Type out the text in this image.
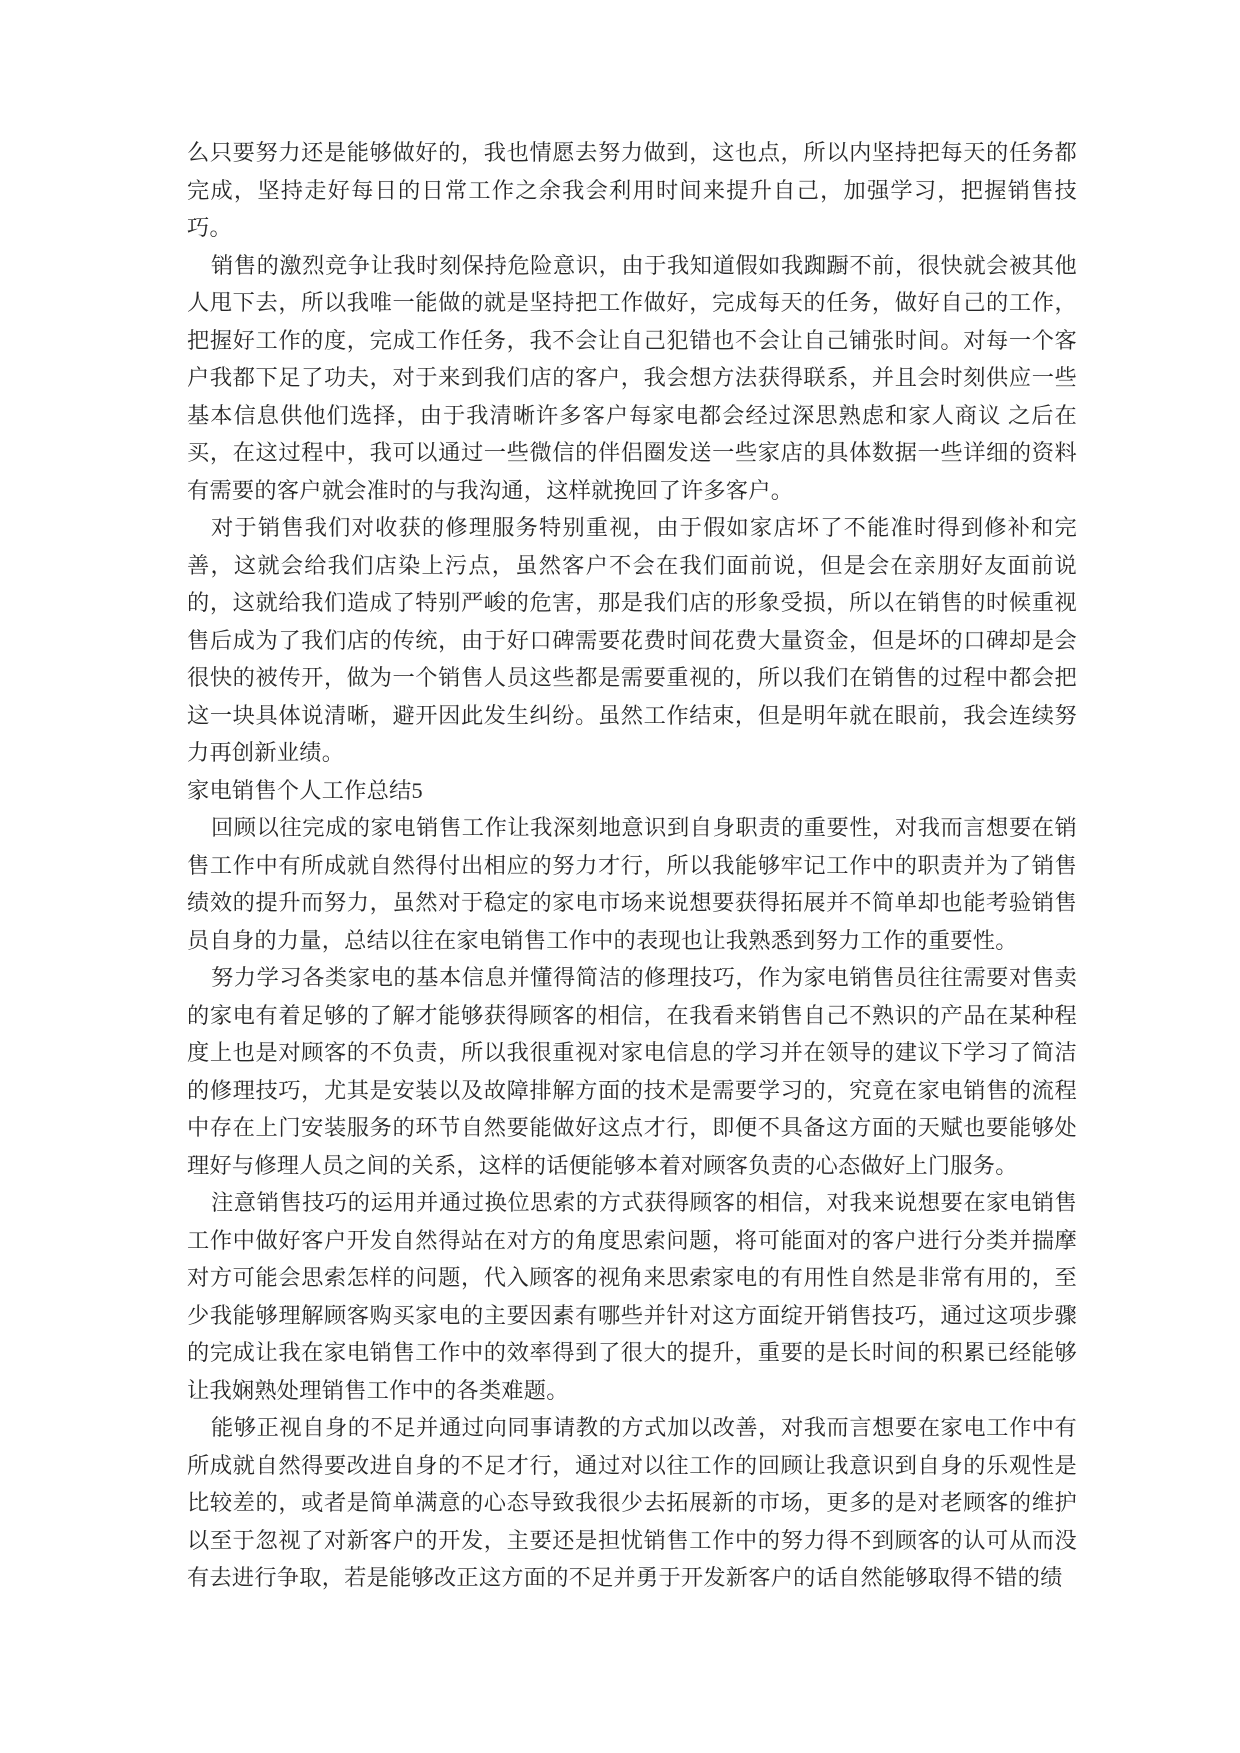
么只要努力还是能够做好的，我也情愿去努力做到，这也点，所以内坚持把每天的任务都完成，坚持走好每日的日常工作之余我会利用时间来提升自己，加强学习，把握销售技巧。

销售的激烈竞争让我时刻保持危险意识，由于我知道假如我踟蹰不前，很快就会被其他人甩下去，所以我唯一能做的就是坚持把工作做好，完成每天的任务，做好自己的工作，把握好工作的度，完成工作任务，我不会让自己犯错也不会让自己铺张时间。对每一个客户我都下足了功夫，对于来到我们店的客户，我会想方法获得联系，并且会时刻供应一些基本信息供他们选择，由于我清晰许多客户每家电都会经过深思熟虑和家人商议 之后在买，在这过程中，我可以通过一些微信的伴侣圈发送一些家店的具体数据一些详细的资料有需要的客户就会准时的与我沟通，这样就挽回了许多客户。

对于销售我们对收获的修理服务特别重视，由于假如家店坏了不能准时得到修补和完善，这就会给我们店染上污点，虽然客户不会在我们面前说，但是会在亲朋好友面前说的，这就给我们造成了特别严峻的危害，那是我们店的形象受损，所以在销售的时候重视售后成为了我们店的传统，由于好口碑需要花费时间花费大量资金，但是坏的口碑却是会很快的被传开，做为一个销售人员这些都是需要重视的，所以我们在销售的过程中都会把这一块具体说清晰，避开因此发生纠纷。虽然工作结束，但是明年就在眼前，我会连续努力再创新业绩。

家电销售个人工作总结5

回顾以往完成的家电销售工作让我深刻地意识到自身职责的重要性，对我而言想要在销售工作中有所成就自然得付出相应的努力才行，所以我能够牢记工作中的职责并为了销售绩效的提升而努力，虽然对于稳定的家电市场来说想要获得拓展并不简单却也能考验销售员自身的力量，总结以往在家电销售工作中的表现也让我熟悉到努力工作的重要性。

努力学习各类家电的基本信息并懂得简洁的修理技巧，作为家电销售员往往需要对售卖的家电有着足够的了解才能够获得顾客的相信，在我看来销售自己不熟识的产品在某种程度上也是对顾客的不负责，所以我很重视对家电信息的学习并在领导的建议下学习了简洁的修理技巧，尤其是安装以及故障排解方面的技术是需要学习的，究竟在家电销售的流程中存在上门安装服务的环节自然要能做好这点才行，即便不具备这方面的天赋也要能够处理好与修理人员之间的关系，这样的话便能够本着对顾客负责的心态做好上门服务。

注意销售技巧的运用并通过换位思索的方式获得顾客的相信，对我来说想要在家电销售工作中做好客户开发自然得站在对方的角度思索问题，将可能面对的客户进行分类并揣摩对方可能会思索怎样的问题，代入顾客的视角来思索家电的有用性自然是非常有用的，至少我能够理解顾客购买家电的主要因素有哪些并针对这方面绽开销售技巧，通过这项步骤的完成让我在家电销售工作中的效率得到了很大的提升，重要的是长时间的积累已经能够让我娴熟处理销售工作中的各类难题。

能够正视自身的不足并通过向同事请教的方式加以改善，对我而言想要在家电工作中有所成就自然得要改进自身的不足才行，通过对以往工作的回顾让我意识到自身的乐观性是比较差的，或者是简单满意的心态导致我很少去拓展新的市场，更多的是对老顾客的维护以至于忽视了对新客户的开发，主要还是担忧销售工作中的努力得不到顾客的认可从而没有去进行争取，若是能够改正这方面的不足并勇于开发新客户的话自然能够取得不错的绩
